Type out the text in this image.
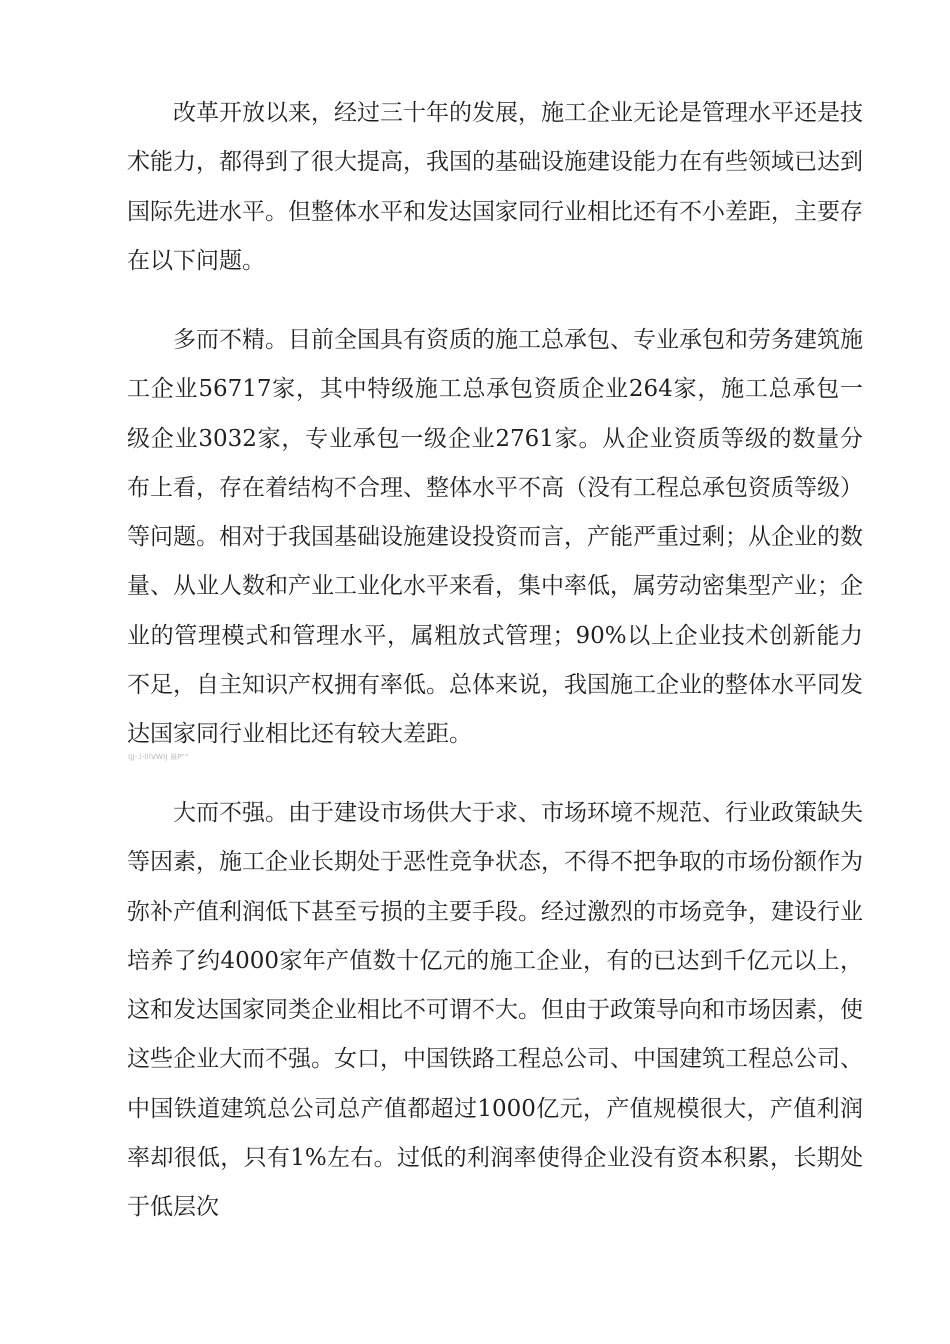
改革开放以来，经过三十年的发展，施工企业无论是管理水平还是技术能力，都得到了很大提高，我国的基础设施建设能力在有些领域已达到国际先进水平。但整体水平和发达国家同行业相比还有不小差距，主要存在以下问题。

多而不精。目前全国具有资质的施工总承包、专业承包和劳务建筑施工企业56717家，其中特级施工总承包资质企业264家，施工总承包一级企业3032家，专业承包一级企业2761家。从企业资质等级的数量分布上看，存在着结构不合理、整体水平不高（没有工程总承包资质等级）等问题。相对于我国基础设施建设投资而言，产能严重过剩；从企业的数量、从业人数和产业工业化水平来看，集中率低，属劳动密集型产业；企业的管理模式和管理水平，属粗放式管理；90%以上企业技术创新能力不足，自主知识产权拥有率低。总体来说，我国施工企业的整体水平同发达国家同行业相比还有较大差距。

IJJ-.l-lllVWIJ 最P""

大而不强。由于建设市场供大于求、市场环境不规范、行业政策缺失等因素，施工企业长期处于恶性竞争状态，不得不把争取的市场份额作为弥补产值利润低下甚至亏损的主要手段。经过激烈的市场竞争，建设行业培养了约4000家年产值数十亿元的施工企业，有的已达到千亿元以上，这和发达国家同类企业相比不可谓不大。但由于政策导向和市场因素，使这些企业大而不强。女口，中国铁路工程总公司、中国建筑工程总公司、中国铁道建筑总公司总产值都超过1000亿元，产值规模很大，产值利润率却很低，只有1%左右。过低的利润率使得企业没有资本积累，长期处于低层次
